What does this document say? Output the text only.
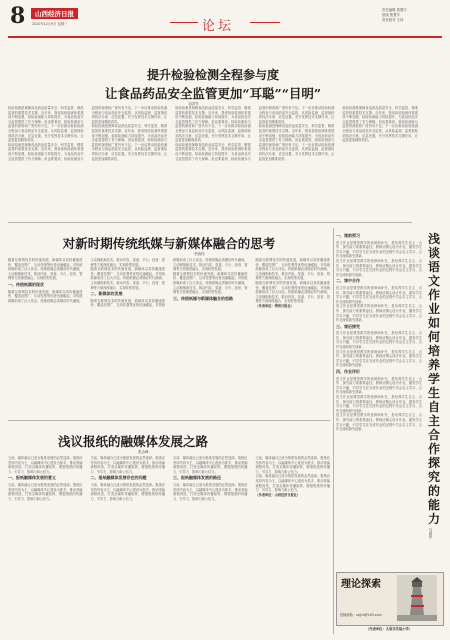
8	山西经济日报
2020年12月9日 星期三	论坛
责任编辑 焦慧宇
组版 焦慧宇
责任校对 王伟
提升检验检测全程参与度
让食品药品安全监管更加“耳聪”“目明”
刘洪岑

检验检测是保障食品药品质量安全、科学监管、精准监管的重要技术支撑。近年来，我省检验检测体系建设不断加强，检验检测能力持续提升，为食品药品安全监管提供了有力保障。但也要看到，检验检测参与监管的深度和广度仍有不足。下一步应推动检验检测全程参与食品药品安全监管，从风险监测、监督抽检到执法办案、应急处置，充分发挥技术支撑作用，让监管更加精准高效。

检验检测是保障食品药品质量安全、科学监管、精准监管的重要技术支撑。近年来，我省检验检测体系建设不断加强，检验检测能力持续提升，为食品药品安全监管提供了有力保障。但也要看到，检验检测参与监管的深度和广度仍有不足。下一步应推动检验检测全程参与食品药品安全监管，从风险监测、监督抽检到执法办案、应急处置，充分发挥技术支撑作用，让监管更加精准高效。

检验检测是保障食品药品质量安全、科学监管、精准监管的重要技术支撑。近年来，我省检验检测体系建设不断加强，检验检测能力持续提升，为食品药品安全监管提供了有力保障。但也要看到，检验检测参与监管的深度和广度仍有不足。下一步应推动检验检测全程参与食品药品安全监管，从风险监测、监督抽检到执法办案、应急处置，充分发挥技术支撑作用，让监管更加精准高效。

检验检测是保障食品药品质量安全、科学监管、精准监管的重要技术支撑。近年来，我省检验检测体系建设不断加强，检验检测能力持续提升，为食品药品安全监管提供了有力保障。但也要看到，检验检测参与监管的深度和广度仍有不足。下一步应推动检验检测全程参与食品药品安全监管，从风险监测、监督抽检到执法办案、应急处置，充分发挥技术支撑作用，让监管更加精准高效。

检验检测是保障食品药品质量安全、科学监管、精准监管的重要技术支撑。近年来，我省检验检测体系建设不断加强，检验检测能力持续提升，为食品药品安全监管提供了有力保障。但也要看到，检验检测参与监管的深度和广度仍有不足。下一步应推动检验检测全程参与食品药品安全监管，从风险监测、监督抽检到执法办案、应急处置，充分发挥技术支撑作用，让监管更加精准高效。

检验检测是保障食品药品质量安全、科学监管、精准监管的重要技术支撑。近年来，我省检验检测体系建设不断加强，检验检测能力持续提升，为食品药品安全监管提供了有力保障。但也要看到，检验检测参与监管的深度和广度仍有不足。下一步应推动检验检测全程参与食品药品安全监管，从风险监测、监督抽检到执法办案、应急处置，充分发挥技术支撑作用，让监管更加精准高效。

检验检测是保障食品药品质量安全、科学监管、精准监管的重要技术支撑。近年来，我省检验检测体系建设不断加强，检验检测能力持续提升，为食品药品安全监管提供了有力保障。但也要看到，检验检测参与监管的深度和广度仍有不足。下一步应推动检验检测全程参与食品药品安全监管，从风险监测、监督抽检到执法办案、应急处置，充分发挥技术支撑作用，让监管更加精准高效。

对新时期传统纸媒与新媒体融合的思考
史晓伟

随着互联网技术的快速发展，新媒体以其传播速度快、覆盖范围广、互动性强等优势迅速崛起，对传统纸媒形成了巨大冲击。传统纸媒必须顺应时代潮流，主动拥抱新技术，推动内容、渠道、平台、经营、管理等方面深度融合，实现转型发展。

一、传统纸媒的现状

随着互联网技术的快速发展，新媒体以其传播速度快、覆盖范围广、互动性强等优势迅速崛起，对传统纸媒形成了巨大冲击。传统纸媒必须顺应时代潮流，主动拥抱新技术，推动内容、渠道、平台、经营、管理等方面深度融合，实现转型发展。

随着互联网技术的快速发展，新媒体以其传播速度快、覆盖范围广、互动性强等优势迅速崛起，对传统纸媒形成了巨大冲击。传统纸媒必须顺应时代潮流，主动拥抱新技术，推动内容、渠道、平台、经营、管理等方面深度融合，实现转型发展。

二、新媒体的发展

随着互联网技术的快速发展，新媒体以其传播速度快、覆盖范围广、互动性强等优势迅速崛起，对传统纸媒形成了巨大冲击。传统纸媒必须顺应时代潮流，主动拥抱新技术，推动内容、渠道、平台、经营、管理等方面深度融合，实现转型发展。

随着互联网技术的快速发展，新媒体以其传播速度快、覆盖范围广、互动性强等优势迅速崛起，对传统纸媒形成了巨大冲击。传统纸媒必须顺应时代潮流，主动拥抱新技术，推动内容、渠道、平台、经营、管理等方面深度融合，实现转型发展。

三、传统纸媒与新媒体融合的思路

随着互联网技术的快速发展，新媒体以其传播速度快、覆盖范围广、互动性强等优势迅速崛起，对传统纸媒形成了巨大冲击。传统纸媒必须顺应时代潮流，主动拥抱新技术，推动内容、渠道、平台、经营、管理等方面深度融合，实现转型发展。

随着互联网技术的快速发展，新媒体以其传播速度快、覆盖范围广、互动性强等优势迅速崛起，对传统纸媒形成了巨大冲击。传统纸媒必须顺应时代潮流，主动拥抱新技术，推动内容、渠道、平台、经营、管理等方面深度融合，实现转型发展。

（作者单位：朔州日报社）

浅议报纸的融媒体发展之路
张志峰

当前，媒体融合已成为报纸发展的必然选择。报纸应坚持内容为王，以融媒体中心建设为抓手，推动采编流程再造，打造全媒体传播矩阵，增强报纸的传播力、引导力、影响力和公信力。

一、报纸融媒体发展的意义

当前，媒体融合已成为报纸发展的必然选择。报纸应坚持内容为王，以融媒体中心建设为抓手，推动采编流程再造，打造全媒体传播矩阵，增强报纸的传播力、引导力、影响力和公信力。

当前，媒体融合已成为报纸发展的必然选择。报纸应坚持内容为王，以融媒体中心建设为抓手，推动采编流程再造，打造全媒体传播矩阵，增强报纸的传播力、引导力、影响力和公信力。

二、报纸融媒体发展存在的问题

当前，媒体融合已成为报纸发展的必然选择。报纸应坚持内容为王，以融媒体中心建设为抓手，推动采编流程再造，打造全媒体传播矩阵，增强报纸的传播力、引导力、影响力和公信力。

当前，媒体融合已成为报纸发展的必然选择。报纸应坚持内容为王，以融媒体中心建设为抓手，推动采编流程再造，打造全媒体传播矩阵，增强报纸的传播力、引导力、影响力和公信力。

三、报纸融媒体发展的路径

当前，媒体融合已成为报纸发展的必然选择。报纸应坚持内容为王，以融媒体中心建设为抓手，推动采编流程再造，打造全媒体传播矩阵，增强报纸的传播力、引导力、影响力和公信力。

当前，媒体融合已成为报纸发展的必然选择。报纸应坚持内容为王，以融媒体中心建设为抓手，推动采编流程再造，打造全媒体传播矩阵，增强报纸的传播力、引导力、影响力和公信力。

当前，媒体融合已成为报纸发展的必然选择。报纸应坚持内容为王，以融媒体中心建设为抓手，推动采编流程再造，打造全媒体传播矩阵，增强报纸的传播力、引导力、影响力和公信力。

（作者单位：山西经济日报社）

一、课前预习

语文作业是课堂教学的延伸和补充，是培养学生自主、合作、探究能力的重要途径。教师应精心设计作业，激发学生学习兴趣，引导学生在完成作业的过程中学会自主学习、合作交流和探究创新。

语文作业是课堂教学的延伸和补充，是培养学生自主、合作、探究能力的重要途径。教师应精心设计作业，激发学生学习兴趣，引导学生在完成作业的过程中学会自主学习、合作交流和探究创新。

二、课中合作

语文作业是课堂教学的延伸和补充，是培养学生自主、合作、探究能力的重要途径。教师应精心设计作业，激发学生学习兴趣，引导学生在完成作业的过程中学会自主学习、合作交流和探究创新。

语文作业是课堂教学的延伸和补充，是培养学生自主、合作、探究能力的重要途径。教师应精心设计作业，激发学生学习兴趣，引导学生在完成作业的过程中学会自主学习、合作交流和探究创新。

三、课后探究

语文作业是课堂教学的延伸和补充，是培养学生自主、合作、探究能力的重要途径。教师应精心设计作业，激发学生学习兴趣，引导学生在完成作业的过程中学会自主学习、合作交流和探究创新。

语文作业是课堂教学的延伸和补充，是培养学生自主、合作、探究能力的重要途径。教师应精心设计作业，激发学生学习兴趣，引导学生在完成作业的过程中学会自主学习、合作交流和探究创新。

四、作业评价

语文作业是课堂教学的延伸和补充，是培养学生自主、合作、探究能力的重要途径。教师应精心设计作业，激发学生学习兴趣，引导学生在完成作业的过程中学会自主学习、合作交流和探究创新。

语文作业是课堂教学的延伸和补充，是培养学生自主、合作、探究能力的重要途径。教师应精心设计作业，激发学生学习兴趣，引导学生在完成作业的过程中学会自主学习、合作交流和探究创新。

语文作业是课堂教学的延伸和补充，是培养学生自主、合作、探究能力的重要途径。教师应精心设计作业，激发学生学习兴趣，引导学生在完成作业的过程中学会自主学习、合作交流和探究创新。

浅
谈
语
文
作
业
如
何
培
养
学
生
自
主
合
作
探
究
的
能
力
马丽萍
理论探索
投稿邮箱：sxjjrb@163.com
（作者单位：太原市实验小学）
